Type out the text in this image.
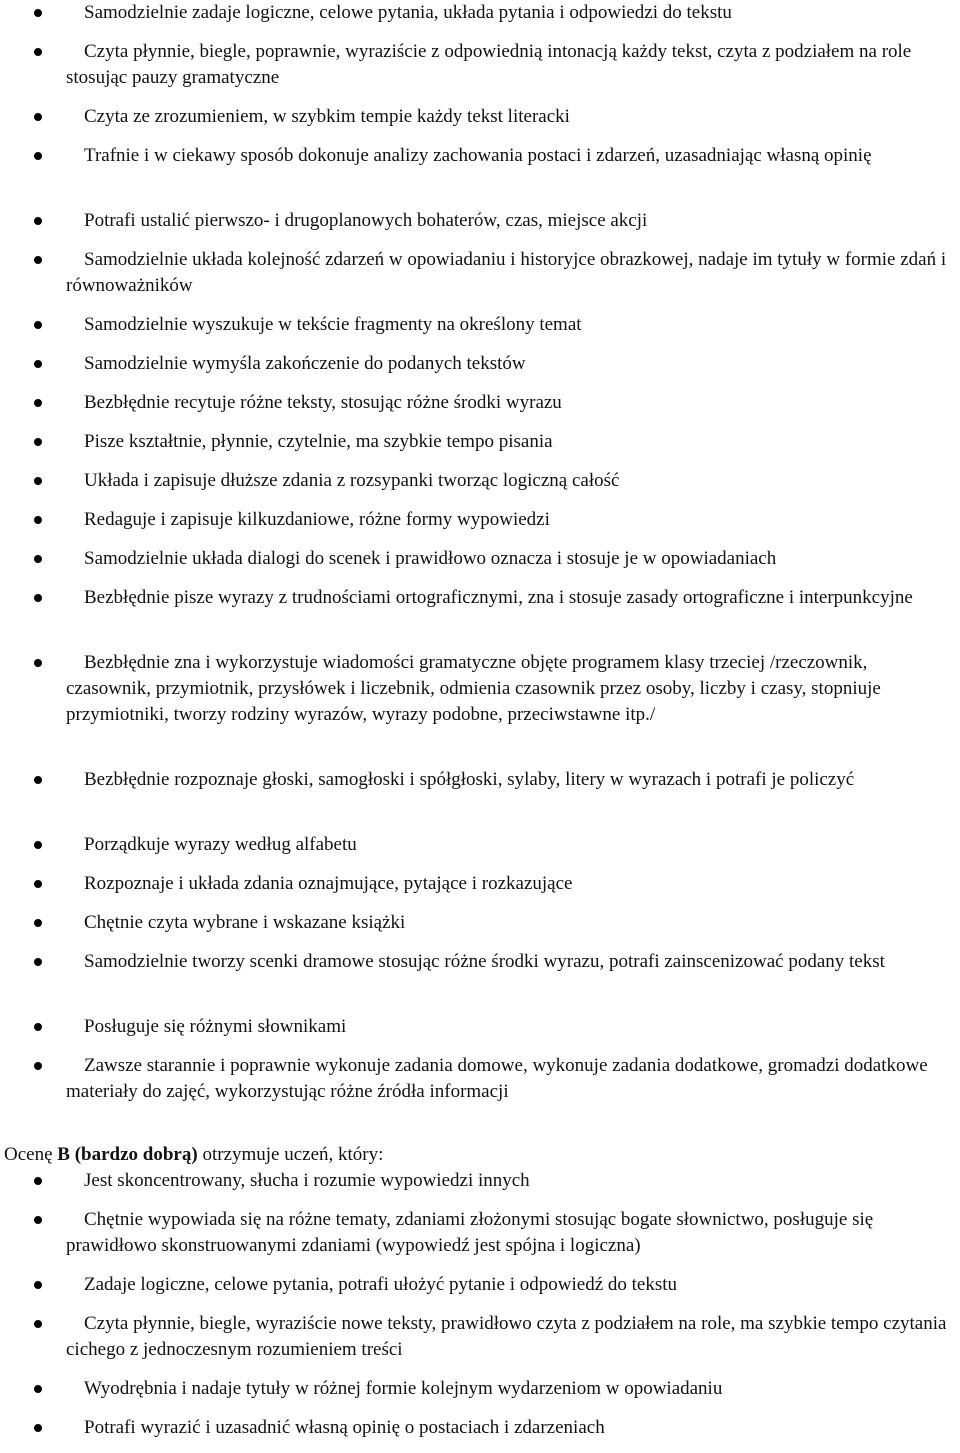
Samodzielnie zadaje logiczne, celowe pytania, układa pytania i odpowiedzi do tekstu
Czyta płynnie, biegle, poprawnie, wyraziście z odpowiednią intonacją każdy tekst, czyta z podziałem na role stosując pauzy gramatyczne
Czyta ze zrozumieniem, w szybkim tempie każdy tekst literacki
Trafnie i w ciekawy sposób dokonuje analizy zachowania postaci i zdarzeń, uzasadniając własną opinię
Potrafi ustalić pierwszo- i drugoplanowych bohaterów, czas, miejsce akcji
Samodzielnie układa kolejność zdarzeń w opowiadaniu i historyjce obrazkowej, nadaje im tytuły w formie zdań i równoważników
Samodzielnie wyszukuje w tekście fragmenty na określony temat
Samodzielnie wymyśla zakończenie do podanych tekstów
Bezbłędnie recytuje różne teksty, stosując różne środki wyrazu
Pisze kształtnie, płynnie, czytelnie, ma szybkie tempo pisania
Układa i zapisuje dłuższe zdania z rozsypanki tworząc logiczną całość
Redaguje i zapisuje kilkuzdaniowe, różne formy wypowiedzi
Samodzielnie układa dialogi do scenek i prawidłowo oznacza i stosuje je w opowiadaniach
Bezbłędnie pisze wyrazy z trudnościami ortograficznymi, zna i stosuje zasady ortograficzne i interpunkcyjne
Bezbłędnie zna i wykorzystuje wiadomości gramatyczne objęte programem klasy trzeciej /rzeczownik, czasownik, przymiotnik, przysłówek i liczebnik, odmienia czasownik przez osoby, liczby i czasy, stopniuje przymiotniki, tworzy rodziny wyrazów, wyrazy podobne, przeciwstawne itp./
Bezbłędnie rozpoznaje głoski, samogłoski i spółgłoski, sylaby, litery w wyrazach i potrafi je policzyć
Porządkuje wyrazy według alfabetu
Rozpoznaje i układa zdania oznajmujące, pytające i rozkazujące
Chętnie czyta wybrane i wskazane książki
Samodzielnie tworzy scenki dramowe stosując różne środki wyrazu, potrafi zainscenizować podany tekst
Posługuje się różnymi słownikami
Zawsze starannie i poprawnie wykonuje zadania domowe, wykonuje zadania dodatkowe, gromadzi dodatkowe materiały do zajęć, wykorzystując różne źródła informacji
Ocenę B (bardzo dobrą) otrzymuje uczeń, który:
Jest skoncentrowany, słucha i rozumie wypowiedzi innych
Chętnie wypowiada się na różne tematy, zdaniami złożonymi stosując bogate słownictwo, posługuje się prawidłowo skonstruowanymi zdaniami (wypowiedź jest spójna i logiczna)
Zadaje logiczne, celowe pytania, potrafi ułożyć pytanie i odpowiedź do tekstu
Czyta płynnie, biegle, wyraziście nowe teksty, prawidłowo czyta z podziałem na role, ma szybkie tempo czytania cichego z jednoczesnym rozumieniem treści
Wyodrębnia i nadaje tytuły w różnej formie kolejnym wydarzeniom w opowiadaniu
Potrafi wyrazić i uzasadnić własną opinię o postaciach i zdarzeniach
